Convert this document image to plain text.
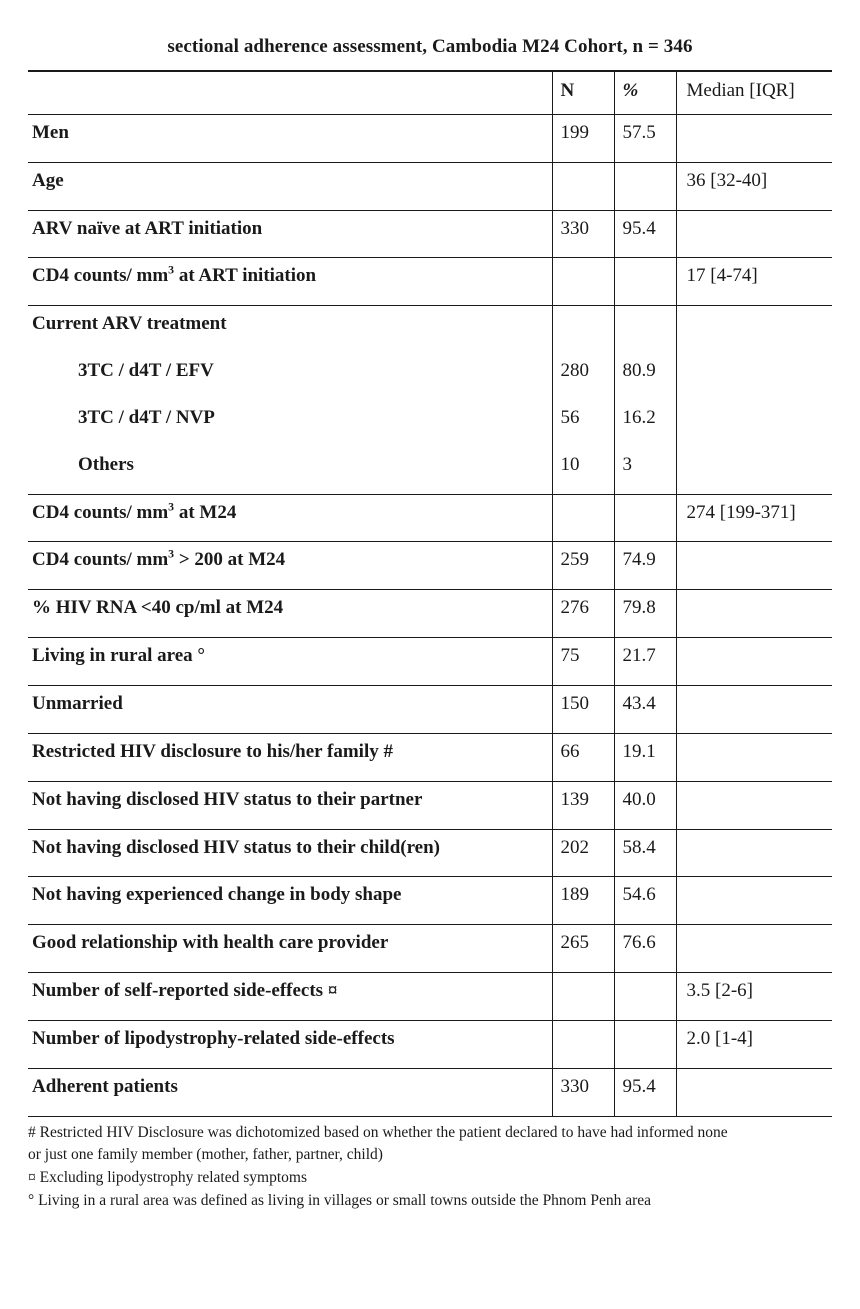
sectional adherence assessment, Cambodia M24 Cohort, n = 346
	N	%	Median [IQR]
Men	199	57.5	
Age			36 [32-40]
ARV naïve at ART initiation	330	95.4	
CD4 counts/ $mm^3$ at ART initiation			17 [4-74]
Current ARV treatment			
3TC / d4T / EFV	280	80.9	
3TC / d4T / NVP	56	16.2	
Others	10	3	
CD4 counts/ $mm^3$ at M24			274 [199-371]
CD4 counts/ $mm^3 > 200$ at M24	259	74.9	
% HIV RNA <40 cp/ml at M24	276	79.8	
Living in rural area °	75	21.7	
Unmarried	150	43.4	
Restricted HIV disclosure to his/her family #	66	19.1	
Not having disclosed HIV status to their partner	139	40.0	
Not having disclosed HIV status to their child(ren)	202	58.4	
Not having experienced change in body shape	189	54.6	
Good relationship with health care provider	265	76.6	
Number of self-reported side-effects ¤			3.5 [2-6]
Number of lipodystrophy-related side-effects			2.0 [1-4]
Adherent patients	330	95.4	
# Restricted HIV Disclosure was dichotomized based on whether the patient declared to have had informed none
or just one family member (mother, father, partner, child)
¤ Excluding lipodystrophy related symptoms
° Living in a rural area was defined as living in villages or small towns outside the Phnom Penh area
